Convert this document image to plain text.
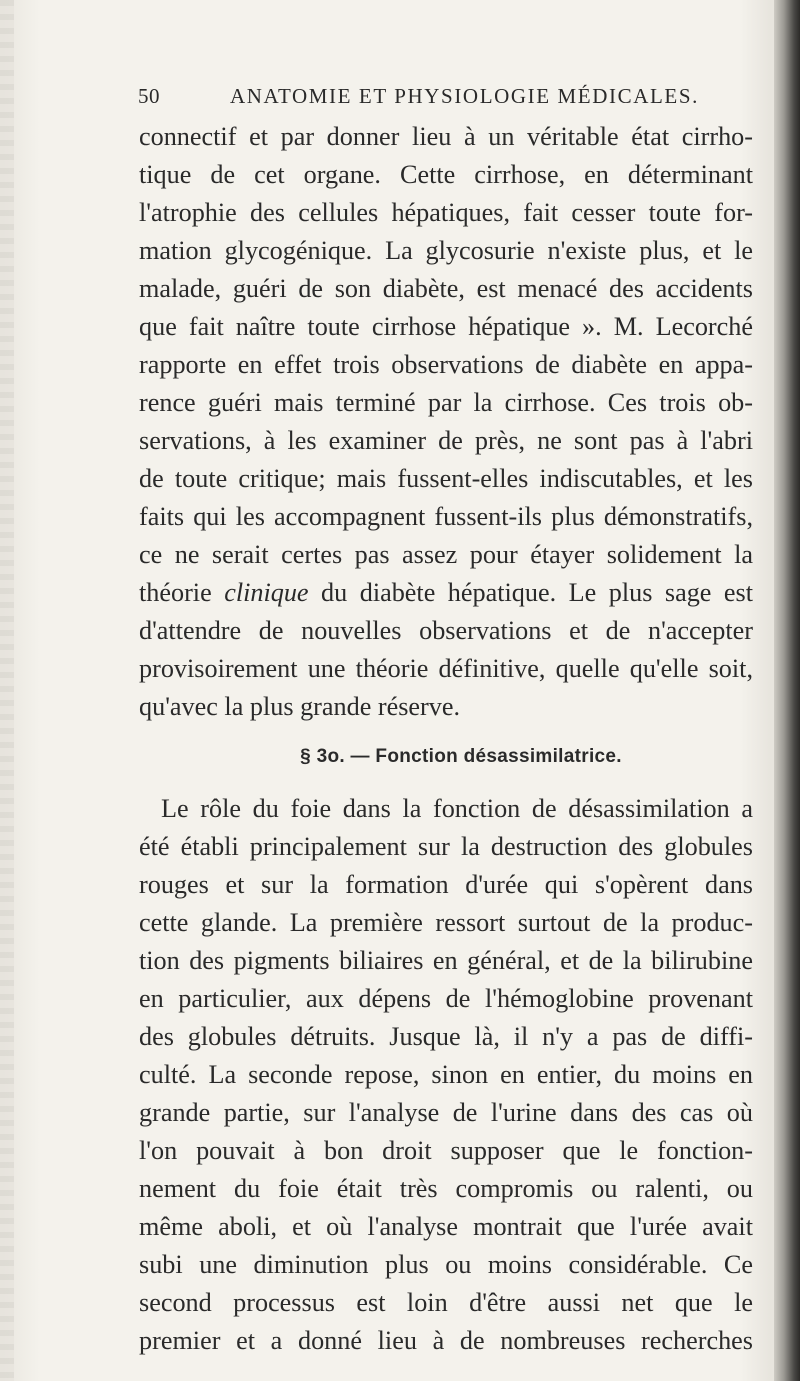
50	ANATOMIE ET PHYSIOLOGIE MÉDICALES.
connectif et par donner lieu à un véritable état cirrho-
tique de cet organe. Cette cirrhose, en déterminant
l'atrophie des cellules hépatiques, fait cesser toute for-
mation glycogénique. La glycosurie n'existe plus, et le
malade, guéri de son diabète, est menacé des accidents
que fait naître toute cirrhose hépatique ». M. Lecorché
rapporte en effet trois observations de diabète en appa-
rence guéri mais terminé par la cirrhose. Ces trois ob-
servations, à les examiner de près, ne sont pas à l'abri
de toute critique; mais fussent-elles indiscutables, et les
faits qui les accompagnent fussent-ils plus démonstratifs,
ce ne serait certes pas assez pour étayer solidement la
théorie clinique du diabète hépatique. Le plus sage est
d'attendre de nouvelles observations et de n'accepter
provisoirement une théorie définitive, quelle qu'elle soit,
qu'avec la plus grande réserve.
§ 3o. — Fonction désassimilatrice.
Le rôle du foie dans la fonction de désassimilation a
été établi principalement sur la destruction des globules
rouges et sur la formation d'urée qui s'opèrent dans
cette glande. La première ressort surtout de la produc-
tion des pigments biliaires en général, et de la bilirubine
en particulier, aux dépens de l'hémoglobine provenant
des globules détruits. Jusque là, il n'y a pas de diffi-
culté. La seconde repose, sinon en entier, du moins en
grande partie, sur l'analyse de l'urine dans des cas où
l'on pouvait à bon droit supposer que le fonction-
nement du foie était très compromis ou ralenti, ou
même aboli, et où l'analyse montrait que l'urée avait
subi une diminution plus ou moins considérable. Ce
second processus est loin d'être aussi net que le
premier et a donné lieu à de nombreuses recherches
